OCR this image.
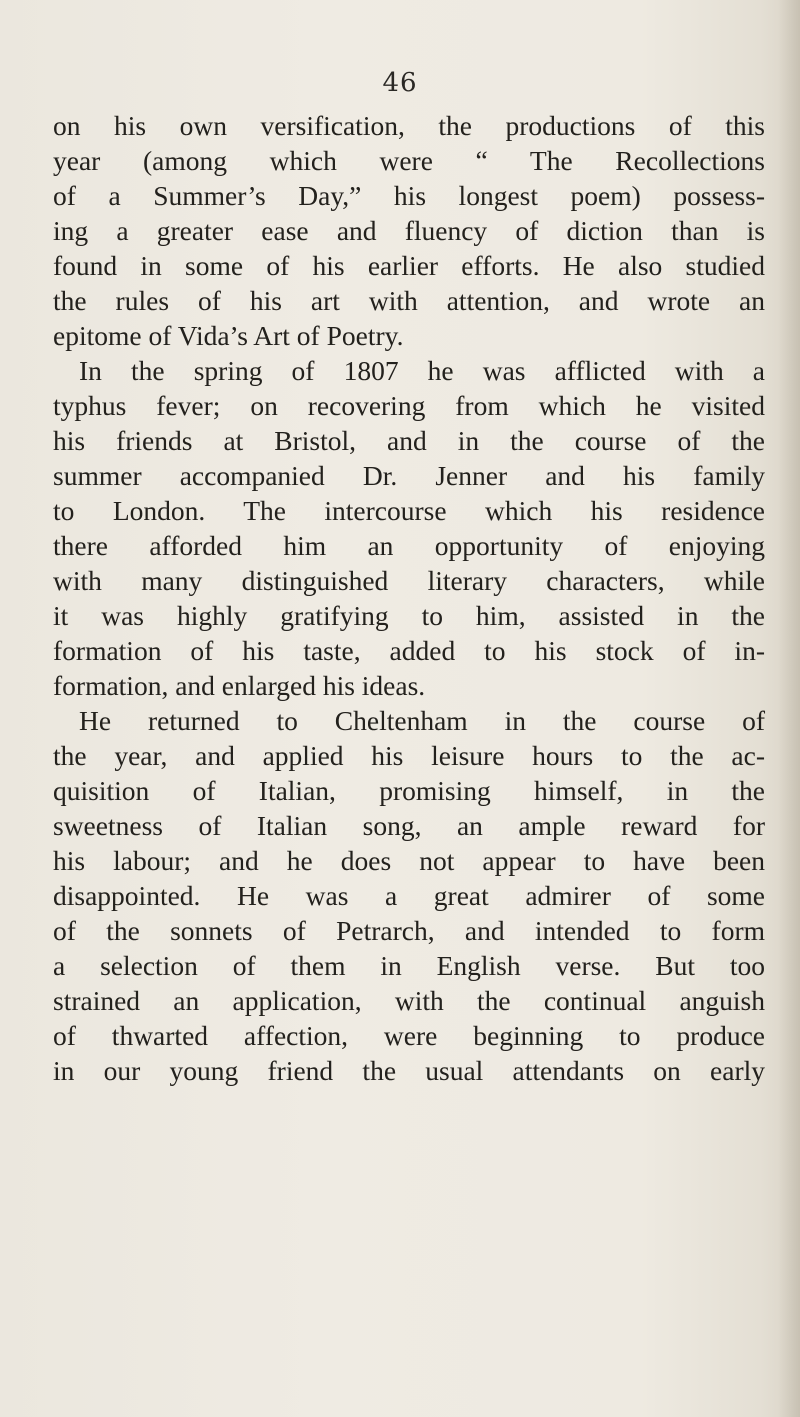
46
on his own versification, the productions of this
year (among which were “ The Recollections
of a Summer’s Day,” his longest poem) possess-
ing a greater ease and fluency of diction than is
found in some of his earlier efforts. He also studied
the rules of his art with attention, and wrote an
epitome of Vida’s Art of Poetry.
In the spring of 1807 he was afflicted with a
typhus fever; on recovering from which he visited
his friends at Bristol, and in the course of the
summer accompanied Dr. Jenner and his family
to London. The intercourse which his residence
there afforded him an opportunity of enjoying
with many distinguished literary characters, while
it was highly gratifying to him, assisted in the
formation of his taste, added to his stock of in-
formation, and enlarged his ideas.
He returned to Cheltenham in the course of
the year, and applied his leisure hours to the ac-
quisition of Italian, promising himself, in the
sweetness of Italian song, an ample reward for
his labour; and he does not appear to have been
disappointed. He was a great admirer of some
of the sonnets of Petrarch, and intended to form
a selection of them in English verse. But too
strained an application, with the continual anguish
of thwarted affection, were beginning to produce
in our young friend the usual attendants on early
